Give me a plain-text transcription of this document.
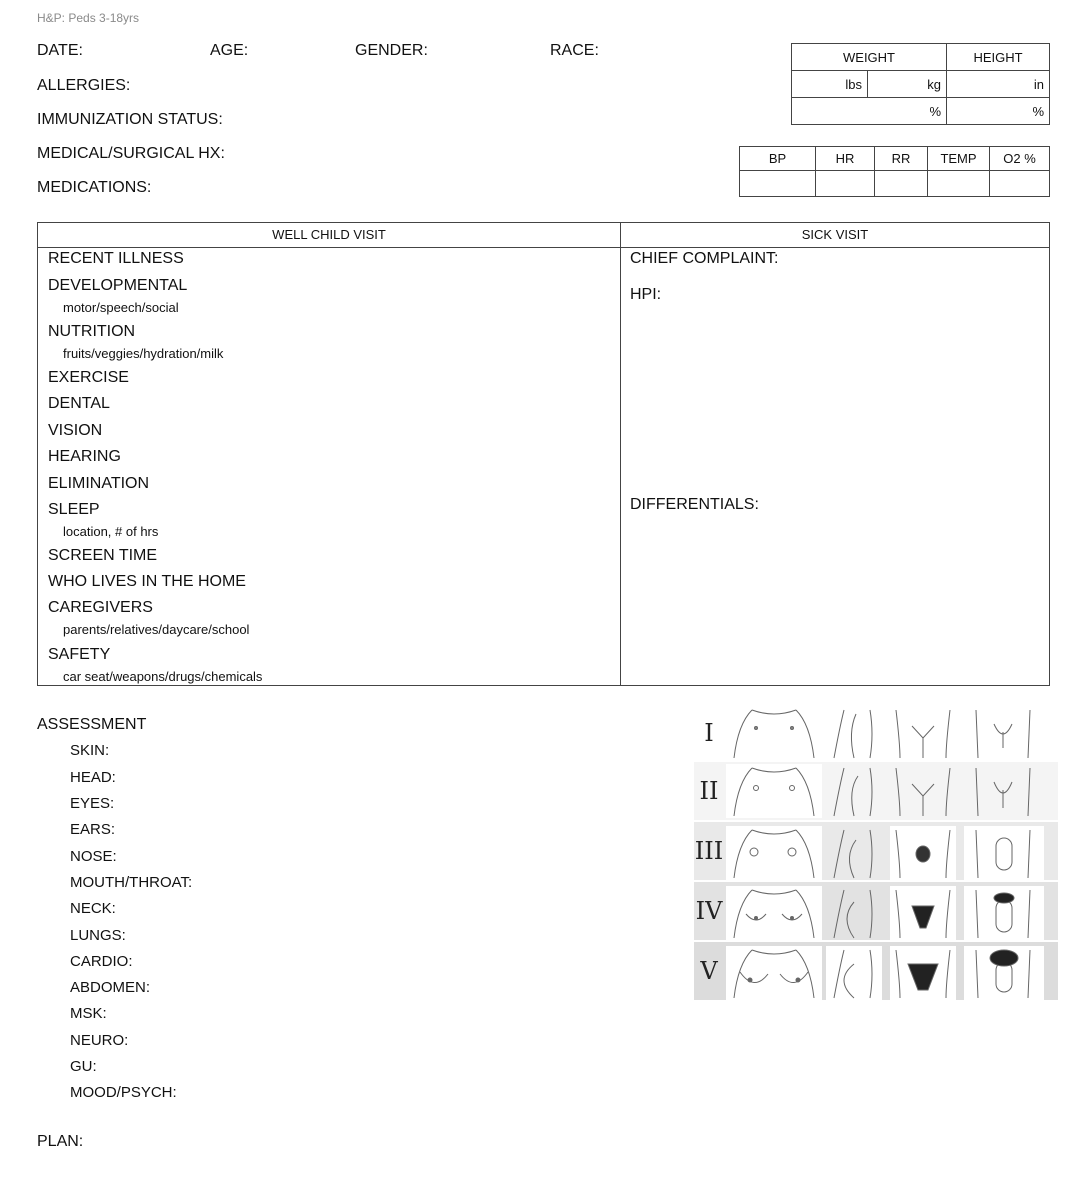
H&P: Peds 3-18yrs
DATE:	AGE:	GENDER:	RACE:
ALLERGIES:
IMMUNIZATION STATUS:
MEDICAL/SURGICAL HX:
MEDICATIONS:
WEIGHT		HEIGHT
lbs	kg	in
%		%
BP	HR	RR	TEMP	O2 %

WELL CHILD VISIT	SICK VISIT
RECENT ILLNESS
DEVELOPMENTAL
motor/speech/social
NUTRITION
fruits/veggies/hydration/milk
EXERCISE
DENTAL
VISION
HEARING
ELIMINATION
SLEEP
location, # of hrs
SCREEN TIME
WHO LIVES IN THE HOME
CAREGIVERS
parents/relatives/daycare/school
SAFETY
car seat/weapons/drugs/chemicals
CHIEF COMPLAINT:
HPI:
DIFFERENTIALS:
ASSESSMENT
SKIN:
HEAD:
EYES:
EARS:
NOSE:
MOUTH/THROAT:
NECK:
LUNGS:
CARDIO:
ABDOMEN:
MSK:
NEURO:
GU:
MOOD/PSYCH:
PLAN:
I
II
III
IV
V
